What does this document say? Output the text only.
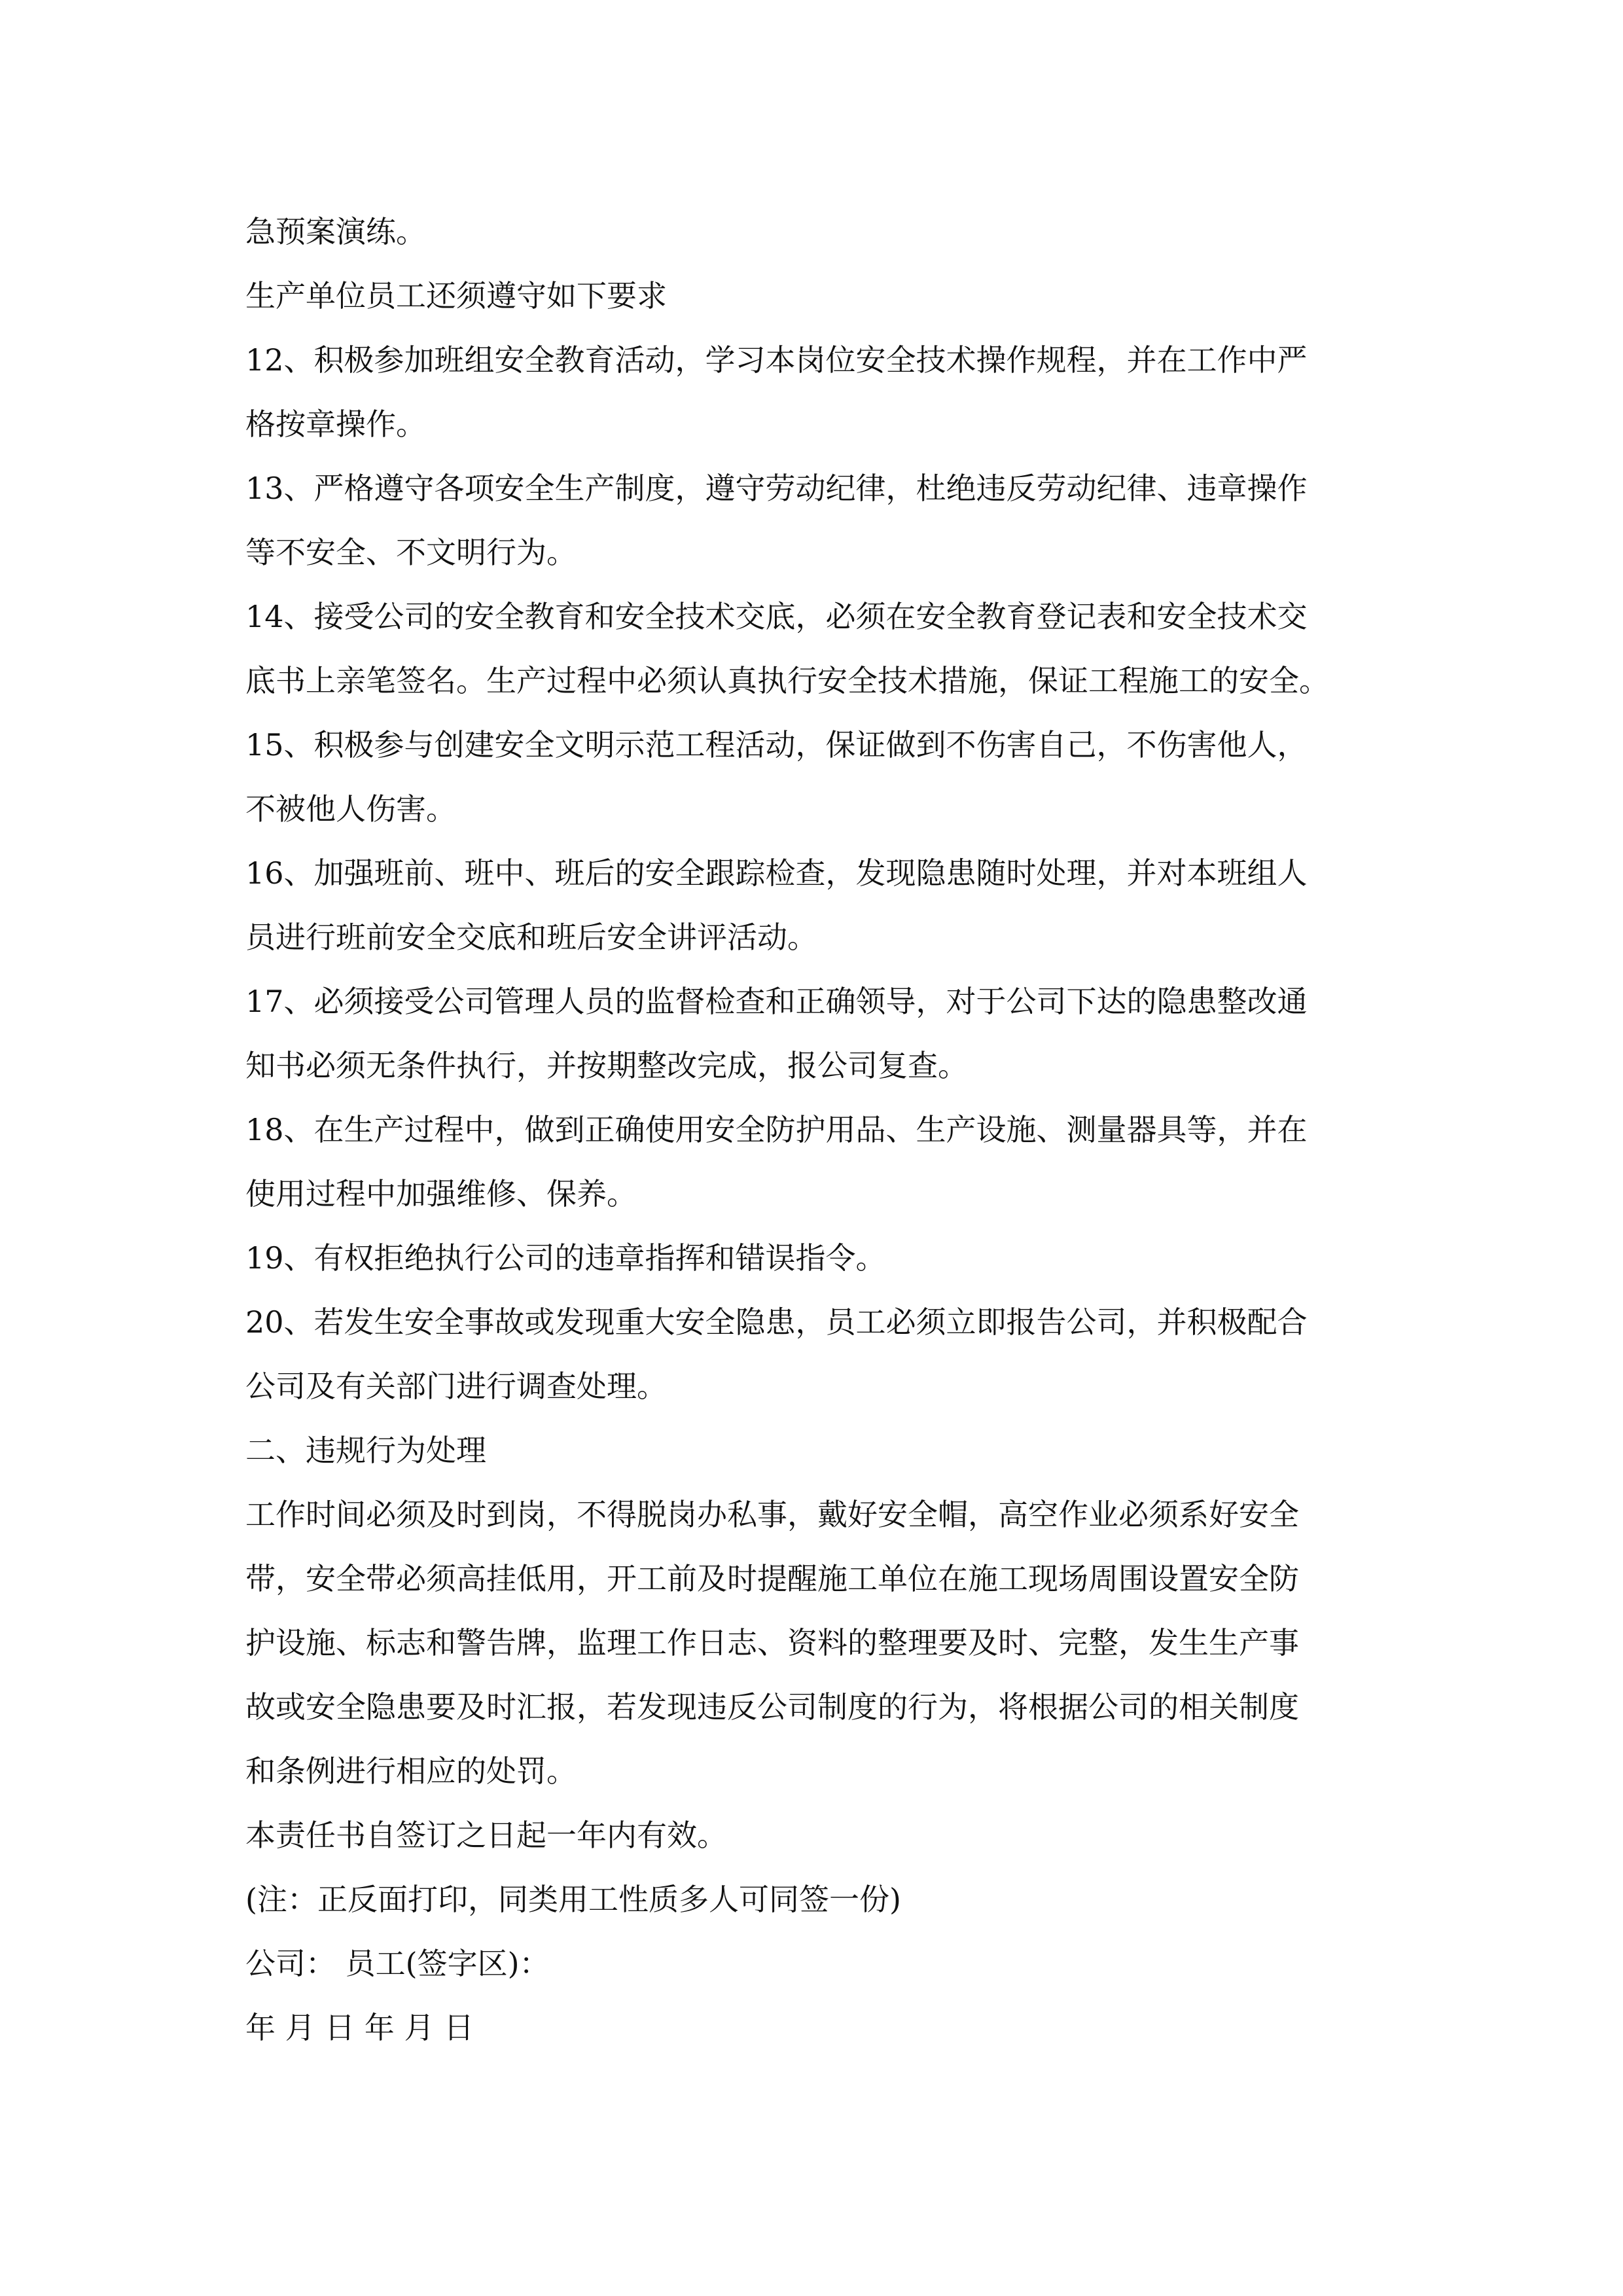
急预案演练。
生产单位员工还须遵守如下要求
12、积极参加班组安全教育活动，学习本岗位安全技术操作规程，并在工作中严
格按章操作。
13、严格遵守各项安全生产制度，遵守劳动纪律，杜绝违反劳动纪律、违章操作
等不安全、不文明行为。
14、接受公司的安全教育和安全技术交底，必须在安全教育登记表和安全技术交
底书上亲笔签名。生产过程中必须认真执行安全技术措施，保证工程施工的安全。
15、积极参与创建安全文明示范工程活动，保证做到不伤害自己，不伤害他人，
不被他人伤害。
16、加强班前、班中、班后的安全跟踪检查，发现隐患随时处理，并对本班组人
员进行班前安全交底和班后安全讲评活动。
17、必须接受公司管理人员的监督检查和正确领导，对于公司下达的隐患整改通
知书必须无条件执行，并按期整改完成，报公司复查。
18、在生产过程中，做到正确使用安全防护用品、生产设施、测量器具等，并在
使用过程中加强维修、保养。
19、有权拒绝执行公司的违章指挥和错误指令。
20、若发生安全事故或发现重大安全隐患，员工必须立即报告公司，并积极配合
公司及有关部门进行调查处理。
二、违规行为处理
工作时间必须及时到岗，不得脱岗办私事，戴好安全帽，高空作业必须系好安全
带，安全带必须高挂低用，开工前及时提醒施工单位在施工现场周围设置安全防
护设施、标志和警告牌，监理工作日志、资料的整理要及时、完整，发生生产事
故或安全隐患要及时汇报，若发现违反公司制度的行为，将根据公司的相关制度
和条例进行相应的处罚。
本责任书自签订之日起一年内有效。
(注：正反面打印，同类用工性质多人可同签一份)
公司： 员工(签字区)：
年 月 日 年 月 日
